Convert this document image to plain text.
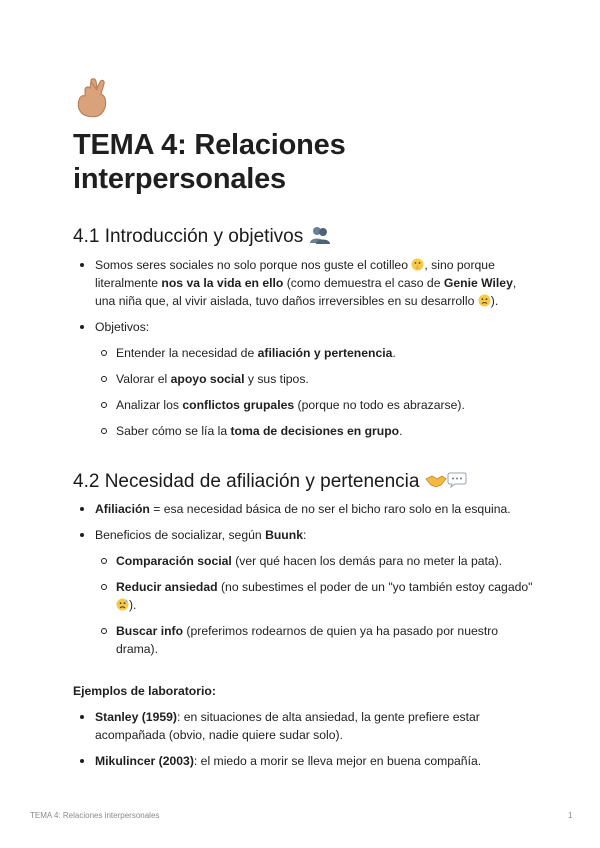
TEMA 4: Relaciones interpersonales
4.1 Introducción y objetivos
Somos seres sociales no solo porque nos guste el cotilleo , sino porque literalmente nos va la vida en ello (como demuestra el caso de Genie Wiley, una niña que, al vivir aislada, tuvo daños irreversibles en su desarrollo ).
Objetivos:
Entender la necesidad de afiliación y pertenencia.
Valorar el apoyo social y sus tipos.
Analizar los conflictos grupales (porque no todo es abrazarse).
Saber cómo se lía la toma de decisiones en grupo.
4.2 Necesidad de afiliación y pertenencia
Afiliación = esa necesidad básica de no ser el bicho raro solo en la esquina.
Beneficios de socializar, según Buunk:
Comparación social (ver qué hacen los demás para no meter la pata).
Reducir ansiedad (no subestimes el poder de un "yo también estoy cagado" ).
Buscar info (preferimos rodearnos de quien ya ha pasado por nuestro drama).
Ejemplos de laboratorio:
Stanley (1959): en situaciones de alta ansiedad, la gente prefiere estar acompañada (obvio, nadie quiere sudar solo).
Mikulincer (2003): el miedo a morir se lleva mejor en buena compañía.
TEMA 4: Relaciones interpersonales	1
